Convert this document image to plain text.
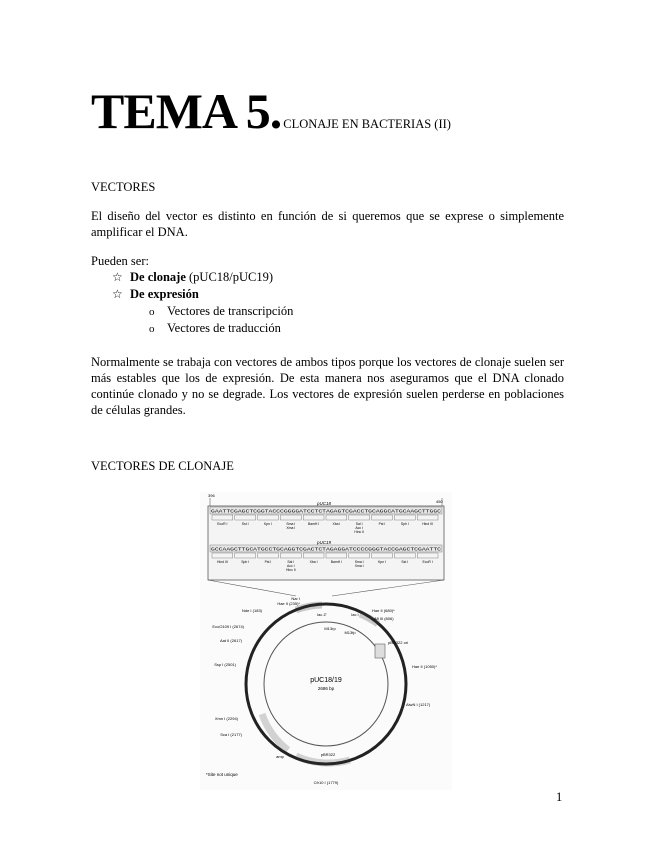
TEMA 5. CLONAJE EN BACTERIAS (II)
VECTORES
El diseño del vector es distinto en función de si queremos que se exprese o simplemente amplificar el DNA.
Pueden ser:
☆ De clonaje (pUC18/pUC19)
☆ De expresión
o Vectores de transcripción
o Vectores de traducción
Normalmente se trabaja con vectores de ambos tipos porque los vectores de clonaje suelen ser más estables que los de expresión. De esta manera nos aseguramos que el DNA clonado continúe clonado y no se degrade. Los vectores de expresión suelen perderse en poblaciones de células grandes.
VECTORES DE CLONAJE
396
450
pUC18
GAATTCGAGCTCGGTACCCGGGGATCCTCTAGAGTCGACCTGCAGGCATGCAAGCTTGGC
EcoR I	Sst I	Kpn I	Sma I
Xma I
BamH I	Xba I	Sal I
Acc I
Hinc II
Pst I	Sph I	Hind III
pUC19
GCCAAGCTTGCATGCCTGCAGGTCGACTCTAGAGGATCCCCGGGTACCGAGCTCGAATTC
Hind III	Sph I	Pst I	Sal I
Acc I
Hinc II
Xba I	BamH I	Sma I
Xma I
Kpn I	Sst I	EcoR I
Nar I
Hae II (235)*
Nde I (183)
lac Z'
EcoO109 I (2674)
Aat II (2617)
Ssp I (2501)
Xmn I (2294)
Sca I (2177)
Hae II (680)*
Afl III (806)
pBR322 ori
Hae II (1050)*
AlwN I (1217)
Cfr10 I (1779)
M13rp
M13fp
lac I
amp	pBR322
pUC18/19
2686 bp
*Site not unique
1
